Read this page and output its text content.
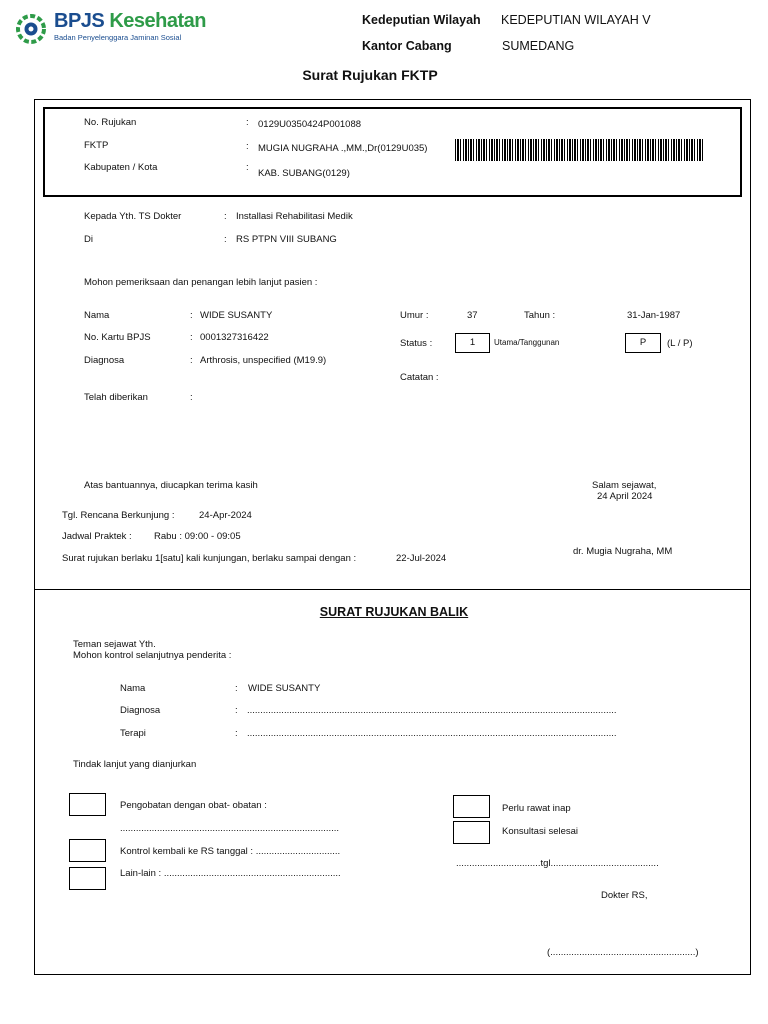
BPJS Kesehatan
Badan Penyelenggara Jaminan Sosial
Kedeputian Wilayah KEDEPUTIAN WILAYAH V
Kantor Cabang	SUMEDANG
Surat Rujukan FKTP
No. Rujukan	: 0129U0350424P001088
FKTP	: MUGIA NUGRAHA .,MM.,Dr(0129U035)
Kabupaten / Kota	:
KAB. SUBANG(0129)
Kepada Yth. TS Dokter	: Installasi Rehabilitasi Medik
Di	: RS PTPN VIII SUBANG
Mohon pemeriksaan dan penangan lebih lanjut pasien :
Nama	: WIDE SUSANTY
No. Kartu BPJS	: 0001327316422
Diagnosa	: Arthrosis, unspecified (M19.9)
Telah diberikan	:
Umur :	37	Tahun :	31-Jan-1987
Status :	1	Utama/Tanggunan	P	(L / P)
Catatan :
Atas bantuannya, diucapkan terima kasih	Salam sejawat,
24 April 2024
Tgl. Rencana Berkunjung :	24-Apr-2024
Jadwal Praktek : Rabu : 09:00 - 09:05
Surat rujukan berlaku 1[satu] kali kunjungan, berlaku sampai dengan :	22-Jul-2024
dr. Mugia Nugraha, MM
SURAT RUJUKAN BALIK
Teman sejawat Yth.
Mohon kontrol selanjutnya penderita :
Nama	: WIDE SUSANTY
Diagnosa	: ............................................................................................................................................
Terapi	: ............................................................................................................................................
Tindak lanjut yang dianjurkan
Pengobatan dengan obat- obatan :
...................................................................................
Kontrol kembali ke RS tanggal : ................................
Lain-lain : ...................................................................
Perlu rawat inap
Konsultasi selesai
................................tgl.........................................
Dokter RS,
(.......................................................)
